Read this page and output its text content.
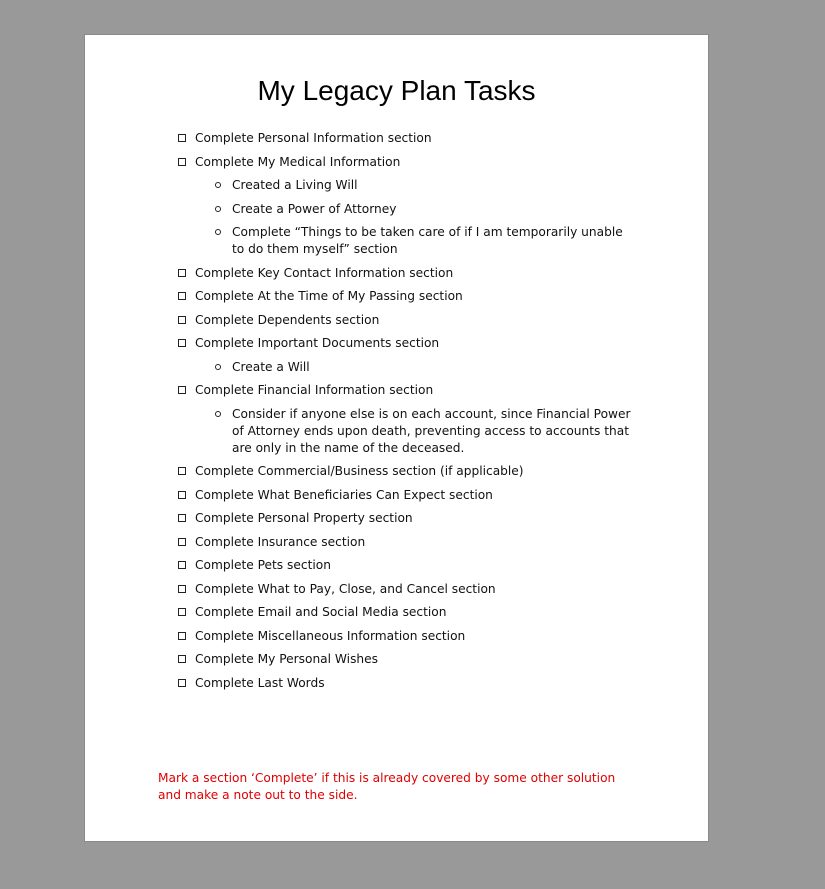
My Legacy Plan Tasks
Complete Personal Information section
Complete My Medical Information
Created a Living Will
Create a Power of Attorney
Complete “Things to be taken care of if I am temporarily unable to do them myself” section
Complete Key Contact Information section
Complete At the Time of My Passing section
Complete Dependents section
Complete Important Documents section
Create a Will
Complete Financial Information section
Consider if anyone else is on each account, since Financial Power of Attorney ends upon death, preventing access to accounts that are only in the name of the deceased.
Complete Commercial/Business section (if applicable)
Complete What Beneficiaries Can Expect section
Complete Personal Property section
Complete Insurance section
Complete Pets section
Complete What to Pay, Close, and Cancel section
Complete Email and Social Media section
Complete Miscellaneous Information section
Complete My Personal Wishes
Complete Last Words
Mark a section ‘Complete’ if this is already covered by some other solution and make a note out to the side.
